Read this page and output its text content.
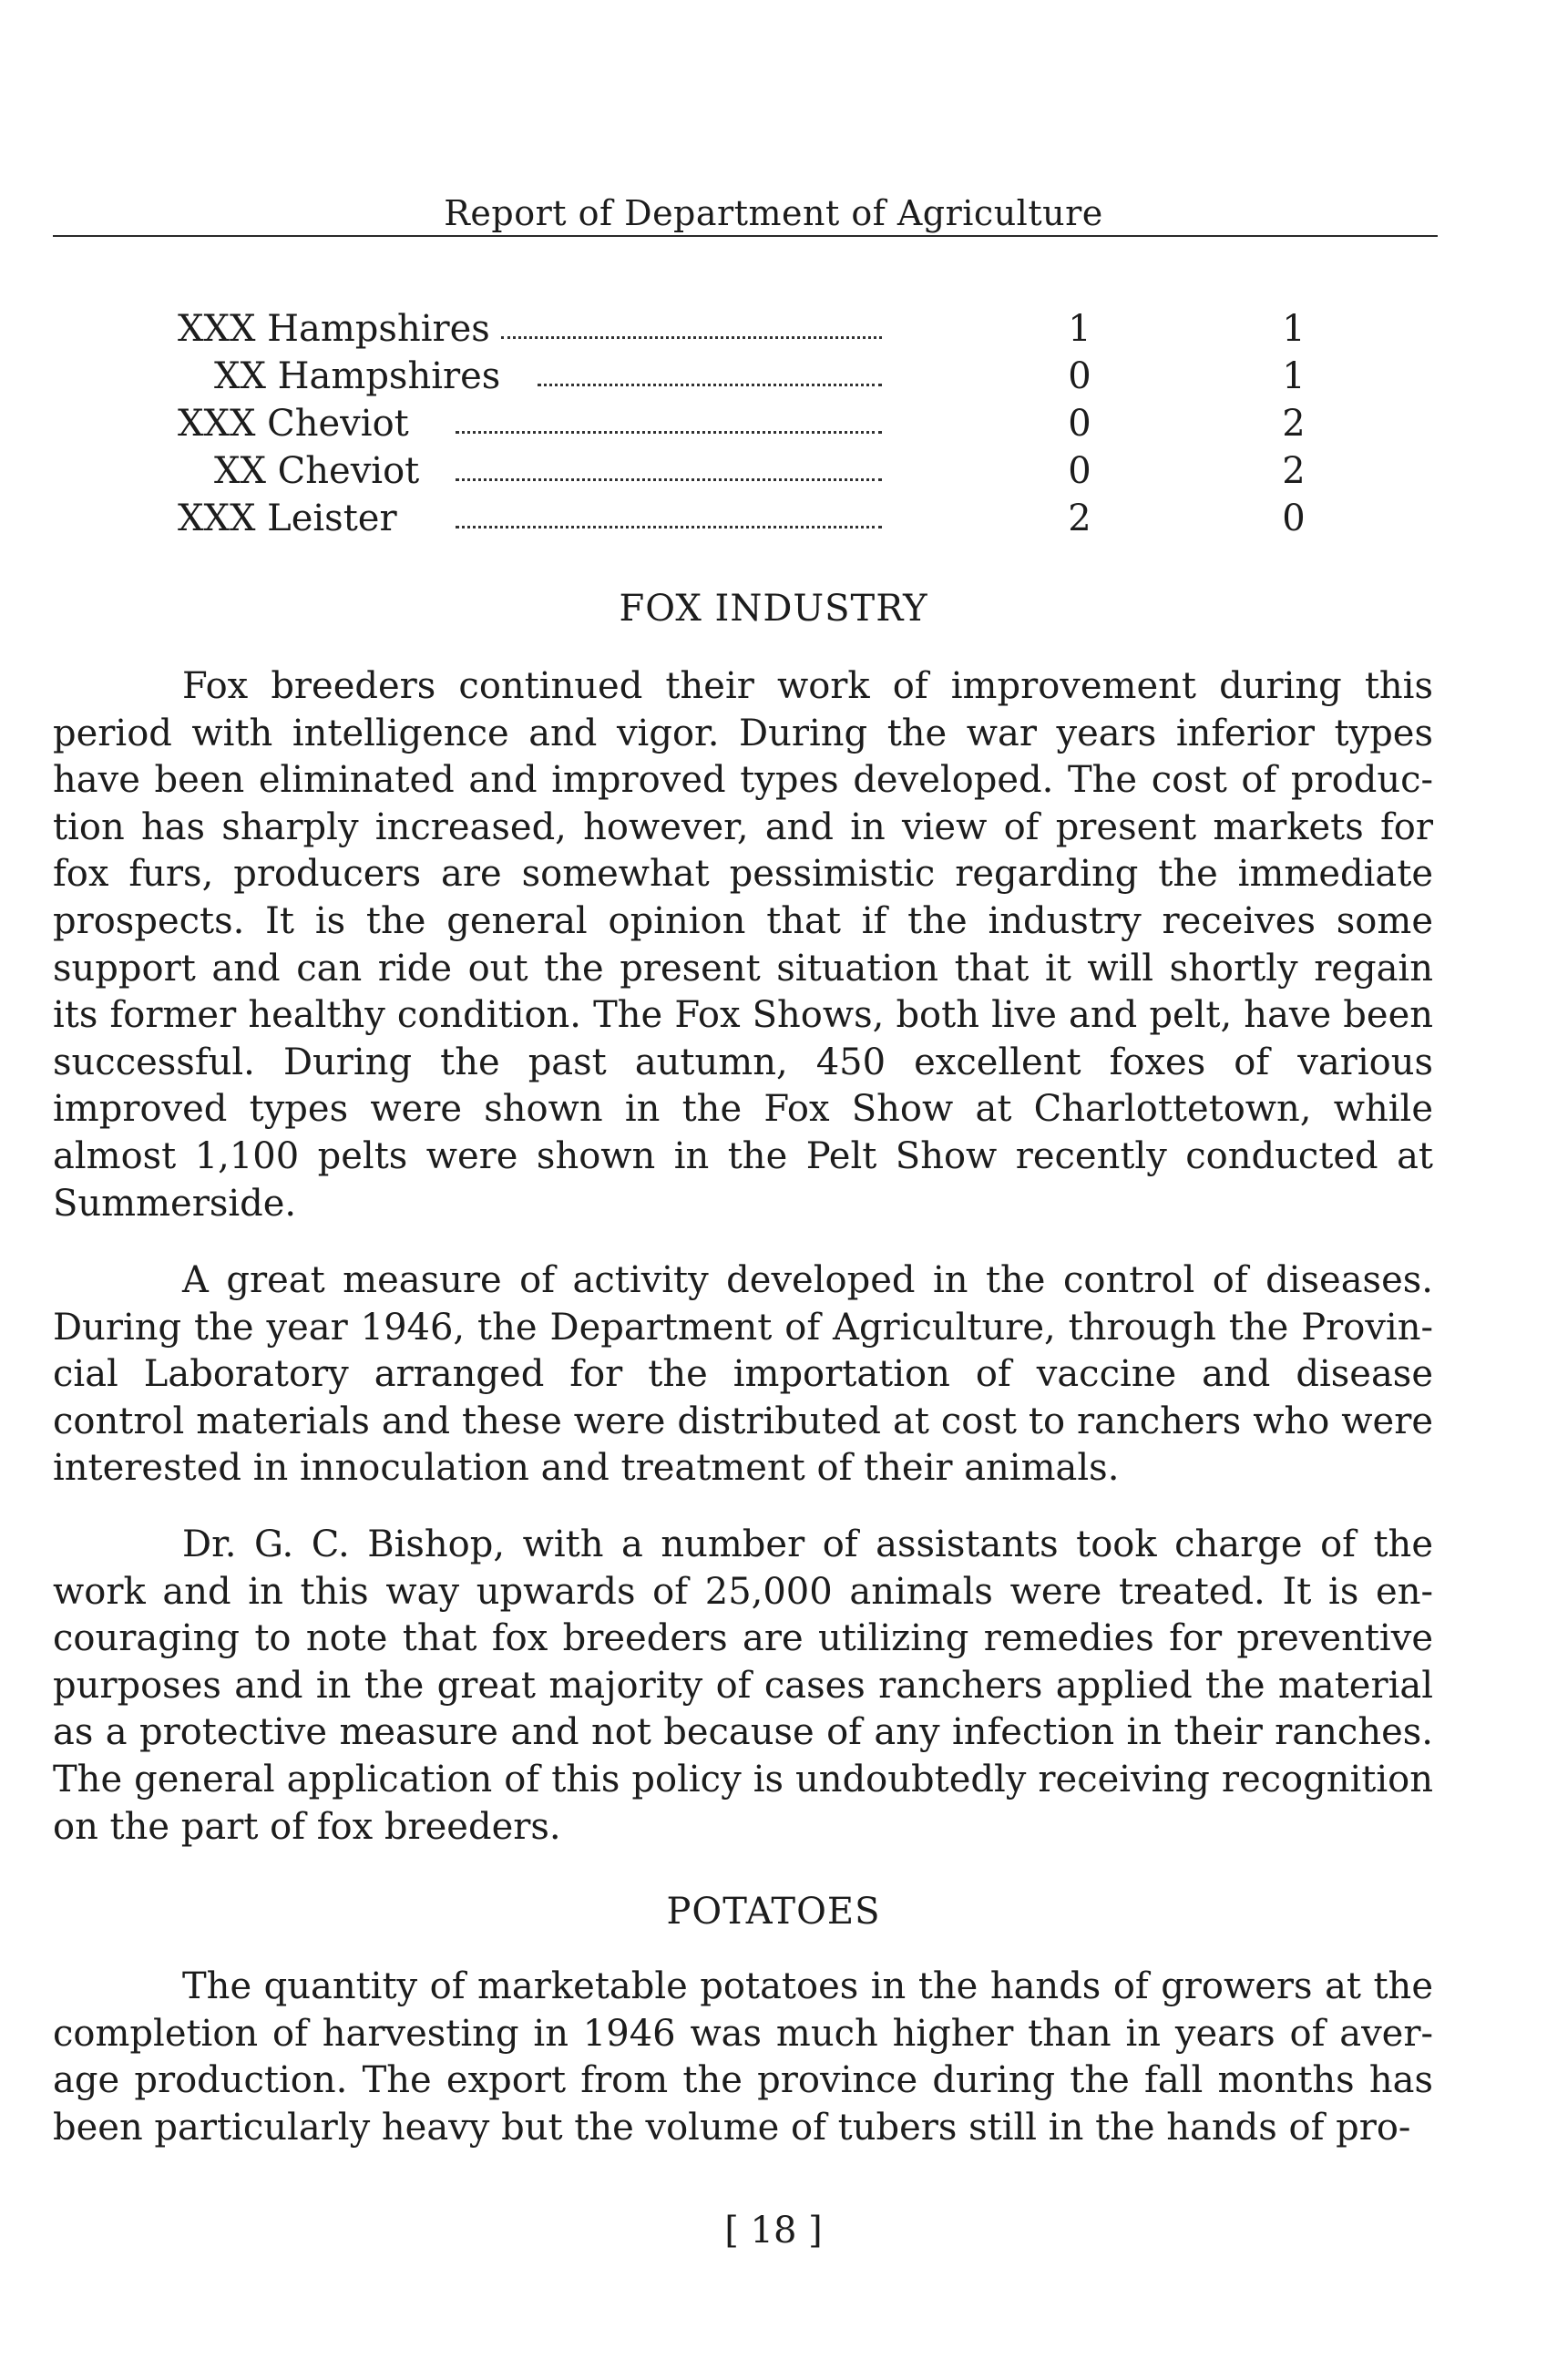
Report of Department of Agriculture
XXX Hampshires	1	1
XX Hampshires	0	1
XXX Cheviot	0	2
XX Cheviot	0	2
XXX Leister	2	0
FOX INDUSTRY

Fox breeders continued their work of improvement during this period with intelligence and vigor. During the war years inferior types have been eliminated and improved types developed. The cost of production has sharply increased, however, and in view of present markets for fox furs, producers are somewhat pessimistic regarding the immediate prospects. It is the general opinion that if the industry receives some support and can ride out the present situation that it will shortly regain its former healthy condition. The Fox Shows, both live and pelt, have been successful. During the past autumn, 450 excellent foxes of various improved types were shown in the Fox Show at Charlottetown, while almost 1,100 pelts were shown in the Pelt Show recently conducted at Summerside.

A great measure of activity developed in the control of diseases. During the year 1946, the Department of Agriculture, through the Provincial Laboratory arranged for the importation of vaccine and disease control materials and these were distributed at cost to ranchers who were interested in innoculation and treatment of their animals.

Dr. G. C. Bishop, with a number of assistants took charge of the work and in this way upwards of 25,000 animals were treated. It is encouraging to note that fox breeders are utilizing remedies for preventive purposes and in the great majority of cases ranchers applied the material as a protective measure and not because of any infection in their ranches. The general application of this policy is undoubtedly receiving recognition on the part of fox breeders.

POTATOES

The quantity of marketable potatoes in the hands of growers at the completion of harvesting in 1946 was much higher than in years of average production. The export from the province during the fall months has been particularly heavy but the volume of tubers still in the hands of pro-

[ 18 ]
